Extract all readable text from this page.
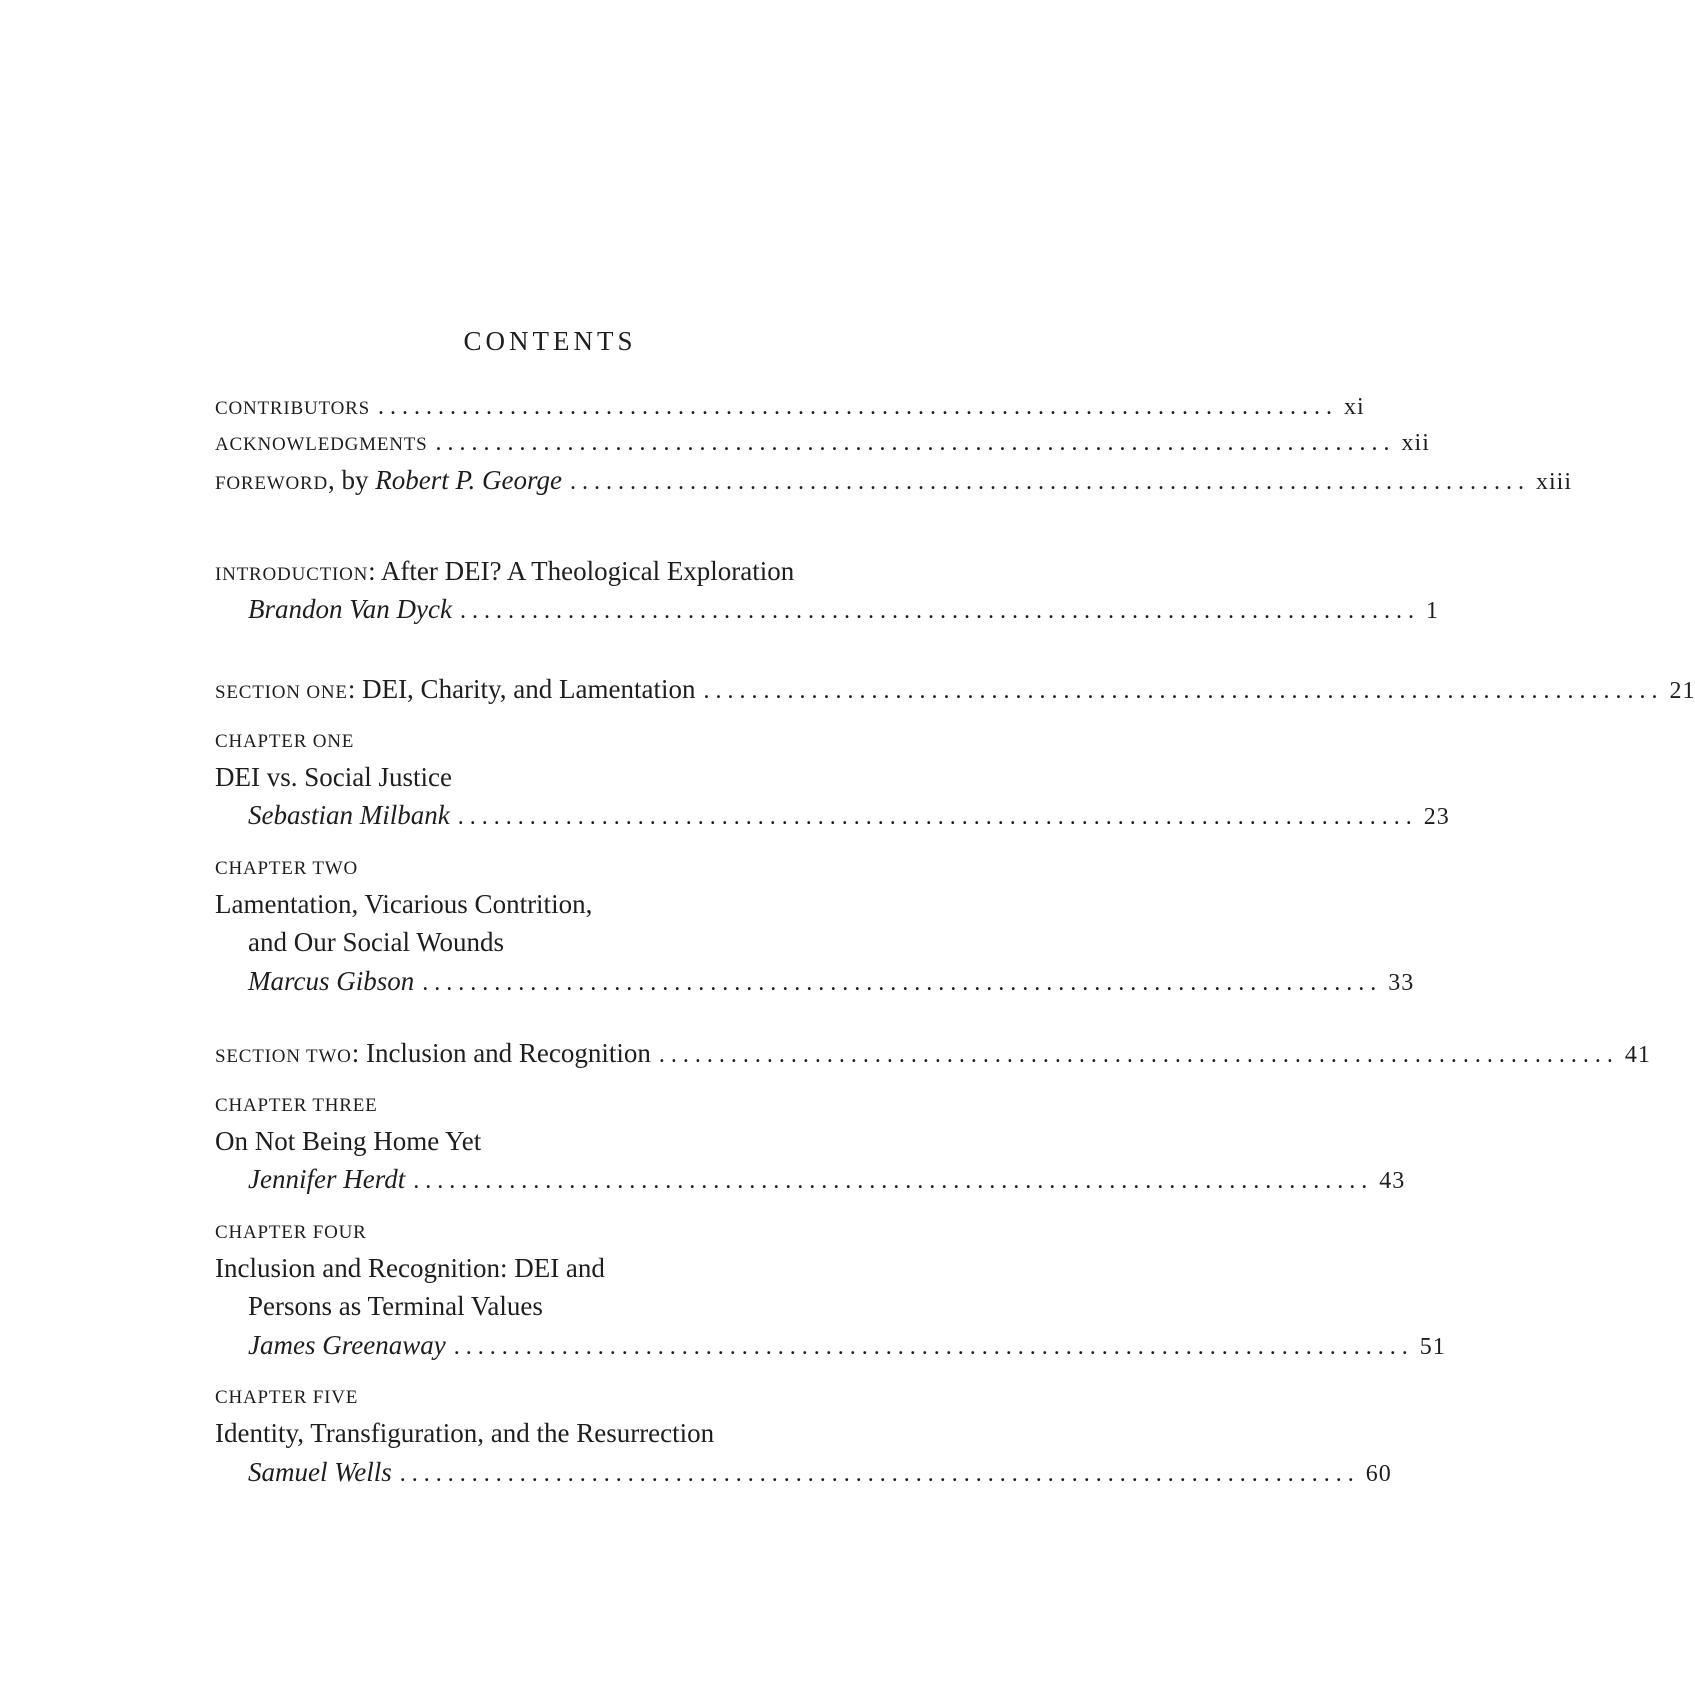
CONTENTS
CONTRIBUTORS ................................................................................ xi
ACKNOWLEDGMENTS ................................................................................ xii
FOREWORD , by Robert P. George ................................................................................ xiii
INTRODUCTION : After DEI? A Theological Exploration
Brandon Van Dyck ................................................................................ 1
SECTION ONE : DEI, Charity, and Lamentation ................................................................................ 21
CHAPTER ONE
DEI vs. Social Justice
Sebastian Milbank ................................................................................ 23
CHAPTER TWO
Lamentation, Vicarious Contrition,
and Our Social Wounds
Marcus Gibson ................................................................................ 33
SECTION TWO : Inclusion and Recognition ................................................................................ 41
CHAPTER THREE
On Not Being Home Yet
Jennifer Herdt ................................................................................ 43
CHAPTER FOUR
Inclusion and Recognition: DEI and
Persons as Terminal Values
James Greenaway ................................................................................ 51
CHAPTER FIVE
Identity, Transfiguration, and the Resurrection
Samuel Wells ................................................................................ 60
